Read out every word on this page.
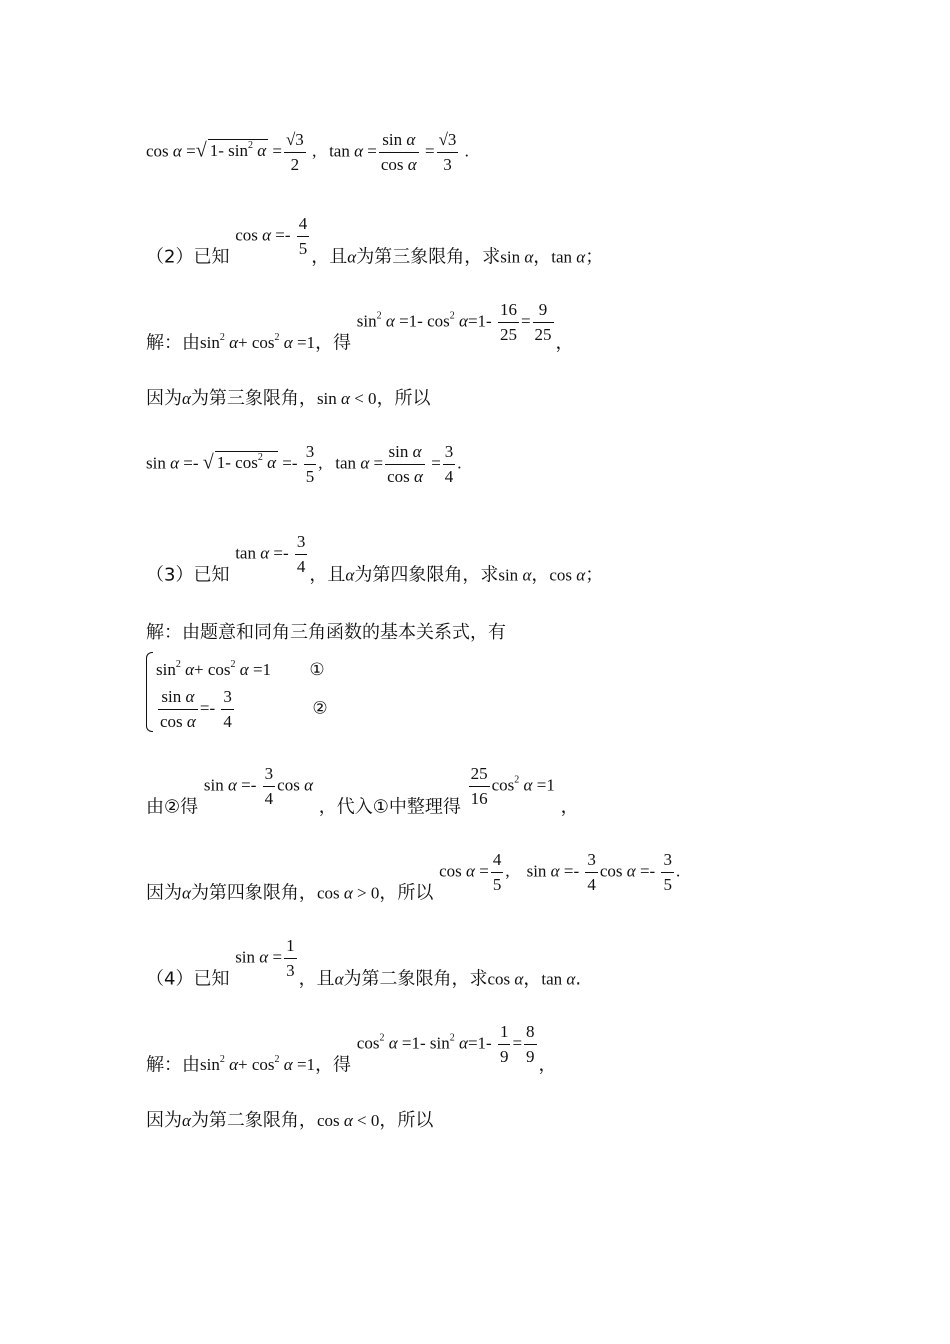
cos α =√ 1- $\sin^2 \alpha = \frac{√3}{2}$ ,   $\tan \alpha = \frac{\text{sin α}}{\text{cos α}} = \frac{√3}{3}$ .
（2）已知 $\cos \alpha =- \frac{4}{5}$ ，且α为第三象限角，求sin α，tan α；
解：由$\sin^2 \alpha+ \cos^2 \alpha =1$，得 $\sin^2 \alpha =1-$ $\cos^2 \alpha=1- \frac{16}{25} = \frac{9}{25}$ ，
因为α为第三象限角，sin α < 0，所以
sin α =- √ 1- $\cos^2 \alpha =- \frac{3}{5}$ ,   $\tan \alpha = \frac{\text{sin α}}{\text{cos α}} = \frac{3}{4}$ .
（3）已知 $\tan \alpha =- \frac{3}{4}$ ，且α为第四象限角，求sin α，cos α；
解：由题意和同角三角函数的基本关系式，有
$\sin^2 \alpha+ \cos^2 \alpha =1$         ①
$\frac{\text{sin α}}{\text{cos α}} =- \frac{3}{4}$	②
由②得 $\sin \alpha =- \frac{3}{4}$ cos α ，代入①中整理得 $\frac{25}{16} \cos^2 \alpha =1$ ，
因为α为第四象限角，cos α > 0，所以 $\cos \alpha = \frac{4}{5}$ ,    $\sin \alpha =- \frac{3}{4}$ $\cos \alpha =- \frac{3}{5}$ .
（4）已知 $\sin \alpha = \frac{1}{3}$ ，且α为第二象限角，求cos α，tan α.
解：由$\sin^2 \alpha+ \cos^2 \alpha =1$，得 $\cos^2 \alpha =1-$ $\sin^2 \alpha=1- \frac{1}{9} = \frac{8}{9}$ ，
因为α为第二象限角，cos α < 0，所以
